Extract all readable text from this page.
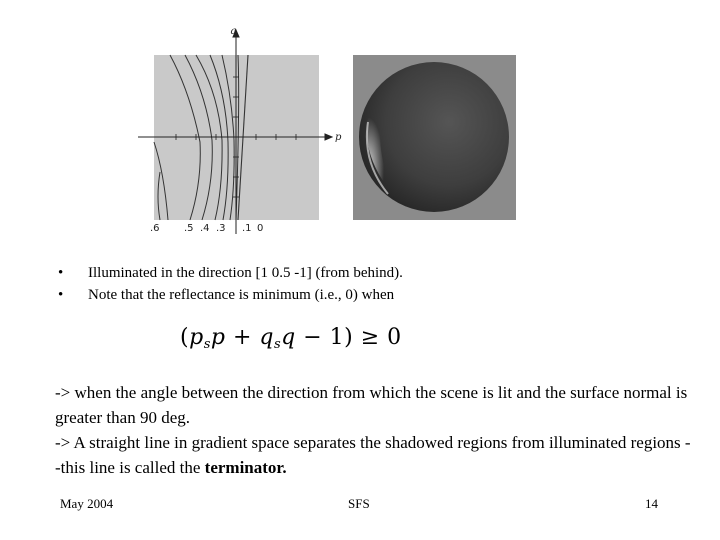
q
p
.6 .5 .4 .3 .1 0
• Illuminated in the direction [1 0.5 -1] (from behind).
• Note that the reflectance is minimum (i.e., 0) when
$(p_sp + q_sq - 1) \ge 0$
-> when the angle between the direction from which the scene is lit and the surface normal is greater than 90 deg.
-> A straight line in gradient space separates the shadowed regions from illuminated regions --this line is called the terminator.
May 2004	SFS	14
